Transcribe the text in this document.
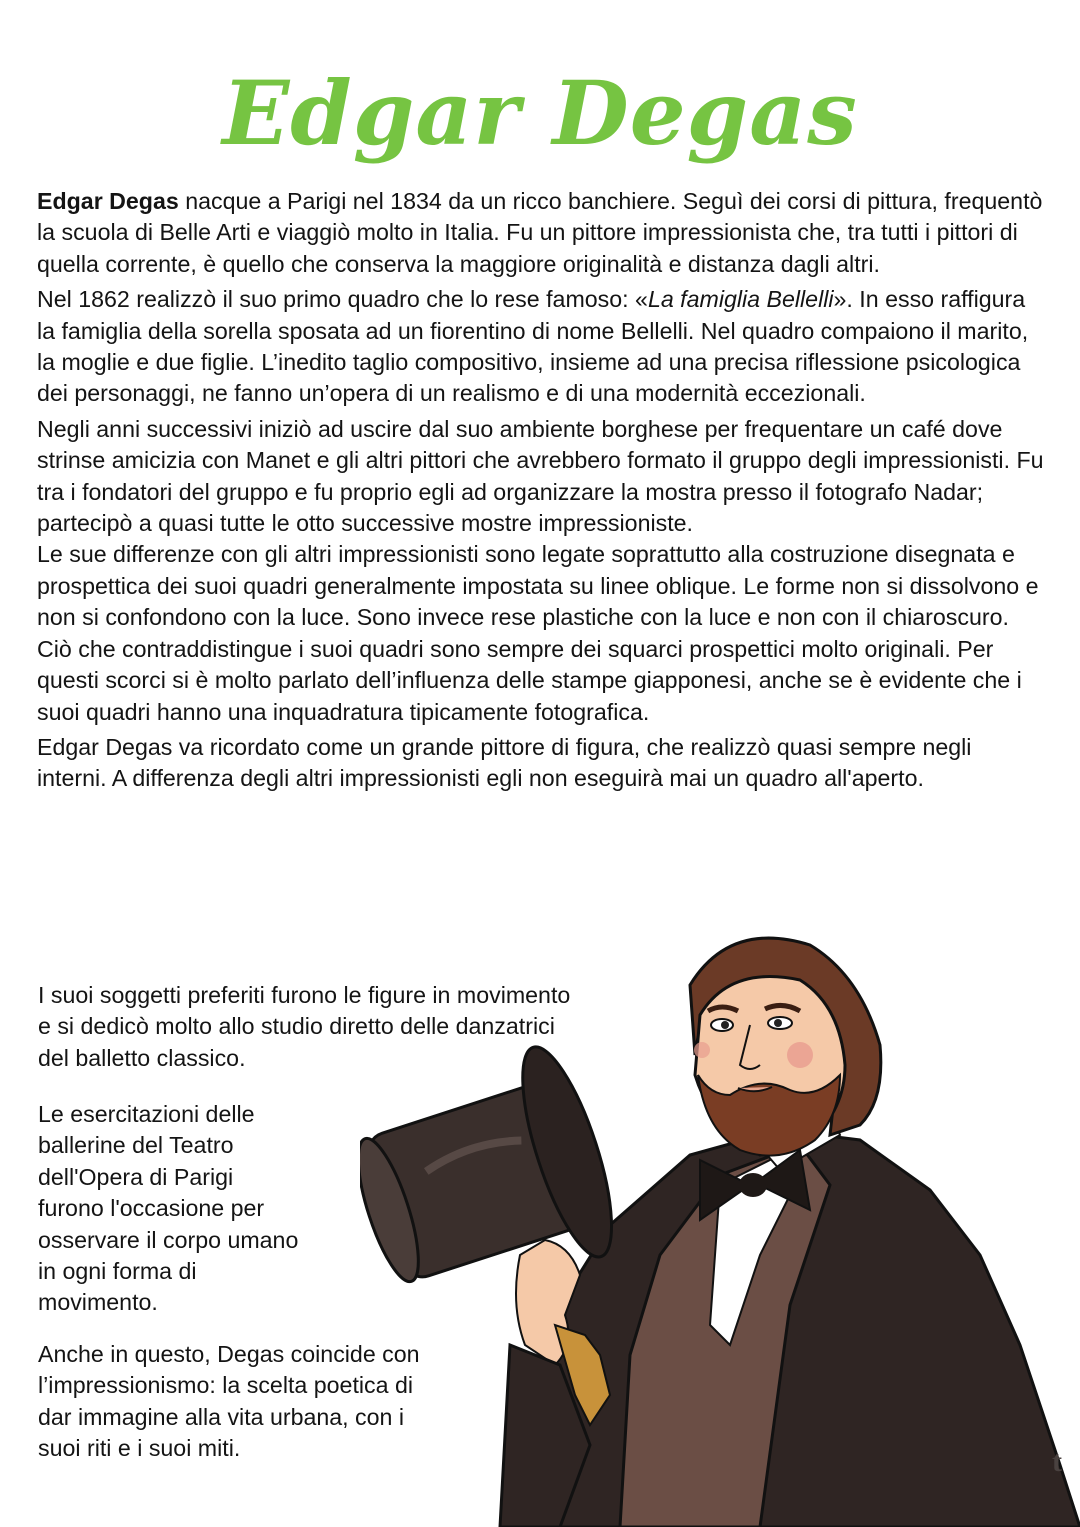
Edgar Degas

Edgar Degas nacque a Parigi nel 1834 da un ricco banchiere. Seguì dei corsi di pittura, frequentò la scuola di Belle Arti e viaggiò molto in Italia. Fu un pittore impressionista che, tra tutti i pittori di quella corrente, è quello che conserva la maggiore originalità e distanza dagli altri.

Nel 1862 realizzò il suo primo quadro che lo rese famoso: «La famiglia Bellelli». In esso raffigura la famiglia della sorella sposata ad un fiorentino di nome Bellelli. Nel quadro compaiono il marito, la moglie e due figlie. L’inedito taglio compositivo, insieme ad una precisa riflessione psicologica dei personaggi, ne fanno un’opera di un realismo e di una modernità eccezionali.

Negli anni successivi iniziò ad uscire dal suo ambiente borghese per frequentare un café dove strinse amicizia con Manet e gli altri pittori che avrebbero formato il gruppo degli impressionisti. Fu tra i fondatori del gruppo e fu proprio egli ad organizzare la mostra presso il fotografo Nadar; partecipò a quasi tutte le otto successive mostre impressioniste.

Le sue differenze con gli altri impressionisti sono legate soprattutto alla costruzione disegnata e prospettica dei suoi quadri generalmente impostata su linee oblique. Le forme non si dissolvono e non si confondono con la luce. Sono invece rese plastiche con la luce e non con il chiaroscuro. Ciò che contraddistingue i suoi quadri sono sempre dei squarci prospettici molto originali. Per questi scorci si è molto parlato dell’influenza delle stampe giapponesi, anche se è evidente che i suoi quadri hanno una inquadratura tipicamente fotografica.

Edgar Degas va ricordato come un grande pittore di figura, che realizzò quasi sempre negli interni. A differenza degli altri impressionisti egli non eseguirà mai un quadro all'aperto.

I suoi soggetti preferiti furono le figure in movimento

e si dedicò molto allo studio diretto delle danzatrici

del balletto classico.

Le esercitazioni delle

ballerine del Teatro

dell'Opera di Parigi

furono l'occasione per

osservare il corpo umano

in ogni forma di

movimento.

Anche in questo, Degas coincide con

l’impressionismo: la scelta poetica di

dar immagine alla vita urbana, con i

suoi riti e i suoi miti.	t
